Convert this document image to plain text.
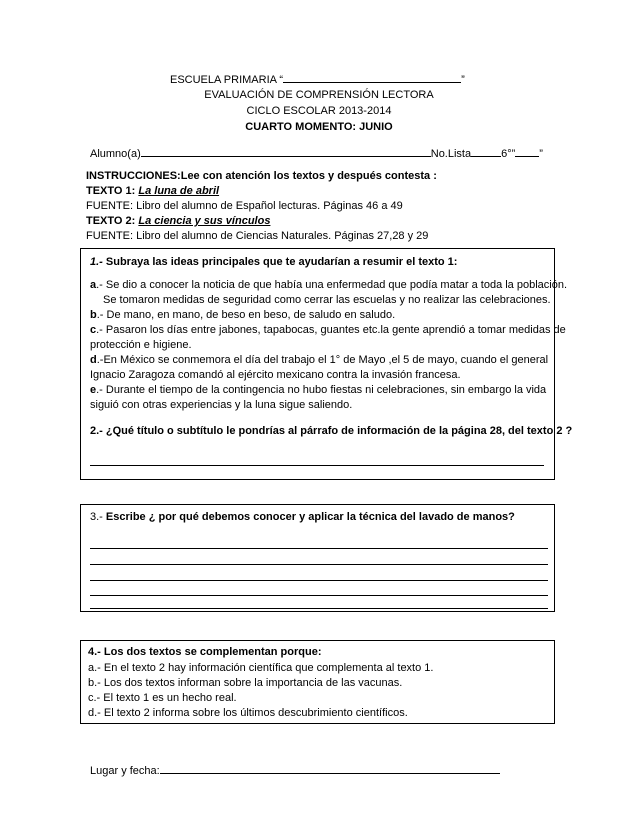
ESCUELA PRIMARIA “	”
EVALUACIÓN DE COMPRENSIÓN LECTORA
CICLO ESCOLAR 2013-2014
CUARTO MOMENTO: JUNIO
Alumno(a)	No.Lista	6°” ”
INSTRUCCIONES:Lee con atención los textos y después contesta :
TEXTO 1: La luna de abril
FUENTE: Libro del alumno de Español lecturas. Páginas 46 a 49
TEXTO 2: La ciencia y sus vínculos
FUENTE: Libro del alumno de Ciencias Naturales. Páginas 27,28 y 29
1.- Subraya las ideas principales que te ayudarían a resumir el texto 1:
a.- Se dio a conocer la noticia de que había una enfermedad que podía matar a toda la población.
Se tomaron medidas de seguridad como cerrar las escuelas y no realizar las celebraciones.
b.- De mano, en mano, de beso en beso, de saludo en saludo.
c.- Pasaron los días entre jabones, tapabocas, guantes etc.la gente aprendió a tomar medidas de
protección e higiene.
d.-En México se conmemora el día del trabajo el 1° de Mayo ,el 5 de mayo, cuando el general
Ignacio Zaragoza comandó al ejército mexicano contra la invasión francesa.
e.- Durante el tiempo de la contingencia no hubo fiestas ni celebraciones, sin embargo la vida
siguió con otras experiencias y la luna sigue saliendo.
2.- ¿Qué título o subtítulo le pondrías al párrafo de información de la página 28, del texto 2 ?
3.- Escribe ¿ por qué debemos conocer y aplicar la técnica del lavado de manos?
4.- Los dos textos se complementan porque:
a.- En el texto 2 hay información científica que complementa al texto 1.
b.- Los dos textos informan sobre la importancia de las vacunas.
c.- El texto 1 es un hecho real.
d.- El texto 2 informa sobre los últimos descubrimiento científicos.
Lugar y fecha:
